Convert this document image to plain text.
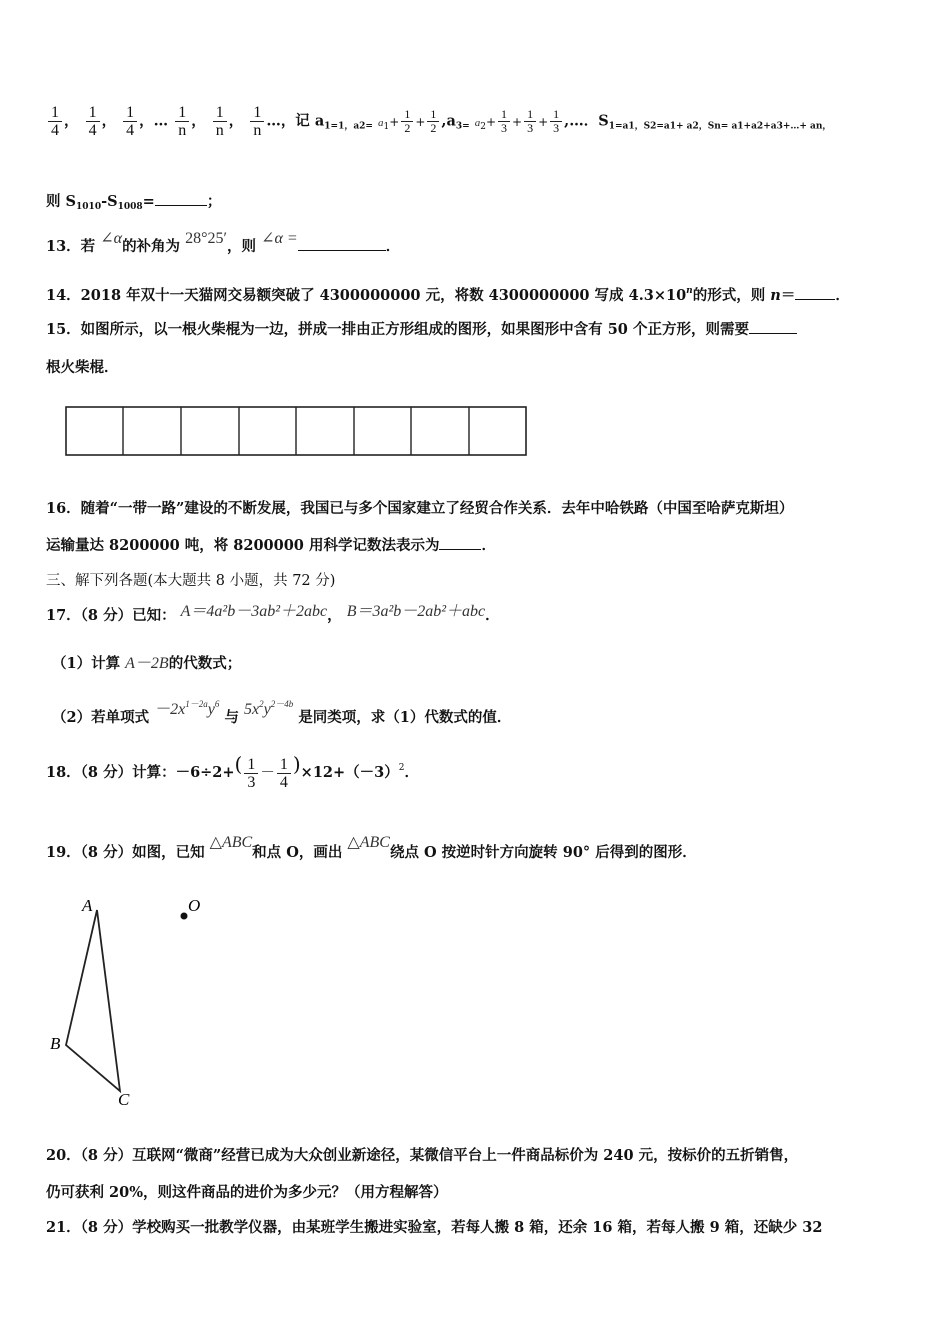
$\frac{1}{4}$ ， $\frac{1}{4}$ ， $\frac{1}{4}$ ，… $\frac{1}{n}$ ， $\frac{1}{n}$ ， $\frac{1}{n}$ …，记 $a_{1=1,a2=}$ $a_1+ \frac{1}{2} + \frac{1}{2} ,a_{3=}$ $a_2+ \frac{1}{3} + \frac{1}{3} + \frac{1}{3}$ ,…．$S_{1=a1,S2=a1+ a2,Sn= a1+a2+a3+\dots+ an,}$
则 $S_{1010}-S_{1008}=$	；
13．若 ∠α的补角为 28°25′，则 ∠α =	．
14．2018 年双十一天猫网交易额突破了 4300000000 元，将数 4300000000 写成 $4.3\times 10^n$的形式，则 n＝	．
15．如图所示，以一根火柴棍为一边，拼成一排由正方形组成的图形，如果图形中含有 50 个正方形，则需要
根火柴棍．
16．随着“一带一路”建设的不断发展，我国已与多个国家建立了经贸合作关系．去年中哈铁路（中国至哈萨克斯坦）
运输量达 8200000 吨，将 8200000 用科学记数法表示为	．
三、解下列各题(本大题共 8 小题，共 72 分)
17．（8 分）已知： A＝4a²b－3ab²＋2abc， B＝3a²b－2ab²＋abc．
（1）计算 A－2B的代数式；
（2）若单项式 $-2x^{1-2a}y^6$ 与 $5x^2y^{2-4b}$ 是同类项，求（1）代数式的值．
18．（8 分）计算：$-6\div 2+( \frac{1}{3} - \frac{1}{4} )\times 12+(-3)^2$．
19．（8 分）如图，已知 △ABC和点 O，画出 △ABC绕点 O 按逆时针方向旋转 90° 后得到的图形．
A
B
C
O
20．（8 分）互联网“微商”经营已成为大众创业新途径，某微信平台上一件商品标价为 240 元，按标价的五折销售，
仍可获利 20%，则这件商品的进价为多少元？（用方程解答）
21．（8 分）学校购买一批教学仪器，由某班学生搬进实验室，若每人搬 8 箱，还余 16 箱，若每人搬 9 箱，还缺少 32
